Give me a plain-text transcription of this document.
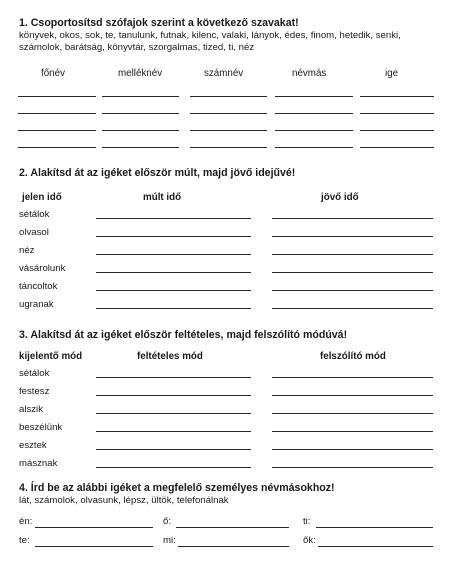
1. Csoportosítsd szófajok szerint a következő szavakat!
könyvek, okos, sok, te, tanulunk, futnak, kilenc, valaki, lányok, édes, finom, hetedik, senki,
számolok, barátság, könyvtár, szorgalmas, tized, ti, néz
főnév	melléknév	számnév	névmás	ige
2. Alakítsd át az igéket először múlt, majd jövő idejűvé!
jelen idő	múlt idő	jövő idő
sétálok
olvasol
néz
vásárolunk
táncoltok
ugranak
3. Alakítsd át az igéket először feltételes, majd felszólító módúvá!
kijelentő mód	feltételes mód	felszólító mód
sétálok
festesz
alszik
beszélünk
esztek
másznak
4. Írd be az alábbi igéket a megfelelő személyes névmásokhoz!
lát, számolok, olvasunk, lépsz, ültök, telefonálnak
én:	ő:	ti:
te:	mi:	ők:
